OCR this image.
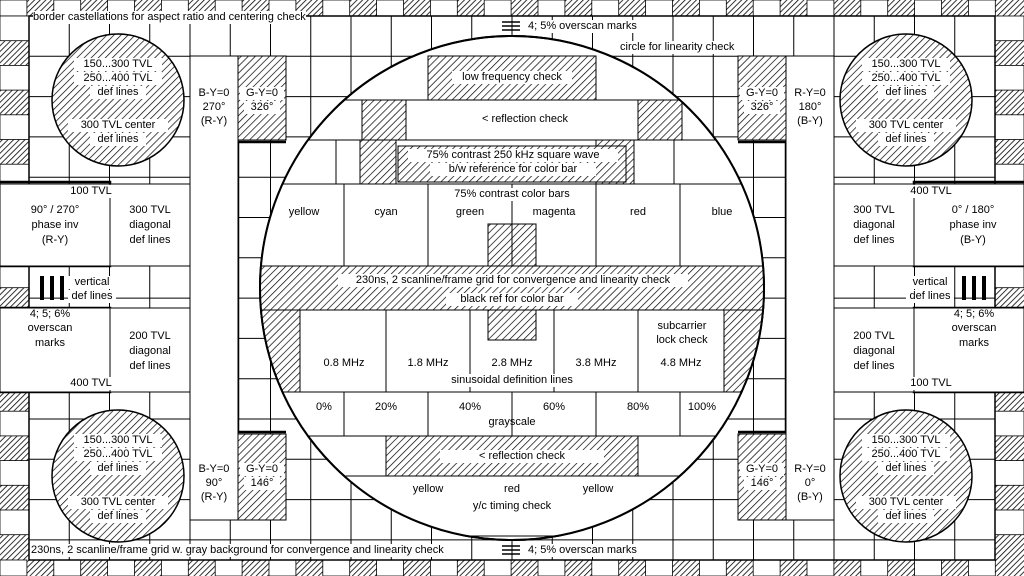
border castellations for aspect ratio and centering check
4; 5% overscan marks
circle for linearity check
low frequency check
< reflection check
75% contrast 250 kHz square wave
b/w reference for color bar
75% contrast color bars
yellow	cyan	green	magenta	red	blue
230ns, 2 scanline/frame grid for convergence and linearity check
black ref for color bar
subcarrier
lock check
0.8 MHz	1.8 MHz	2.8 MHz	3.8 MHz	4.8 MHz
sinusoidal definition lines
0%	20%	40%	60%	80%	100%
grayscale
< reflection check
yellow	red	yellow
y/c timing check
230ns, 2 scanline/frame grid w. gray background for convergence and linearity check	4; 5% overscan marks
150...300 TVL
250...400 TVL
def lines
300 TVL center
def lines
150...300 TVL
250...400 TVL
def lines
300 TVL center
def lines
150...300 TVL
250...400 TVL
def lines
300 TVL center
def lines
150...300 TVL
250...400 TVL
def lines
300 TVL center
def lines
B-Y=0
270°
(R-Y)
G-Y=0
326°
100 TVL
90° / 270°
phase inv
(R-Y)
300 TVL
diagonal
def lines
vertical
def lines
4; 5; 6%
overscan
marks
200 TVL
diagonal
def lines
400 TVL
B-Y=0
90°
(R-Y)
G-Y=0
146°
G-Y=0
326°
R-Y=0
180°
(B-Y)
400 TVL
300 TVL
diagonal
def lines
0° / 180°
phase inv
(B-Y)
vertical
def lines
4; 5; 6%
overscan
marks
200 TVL
diagonal
def lines
100 TVL
G-Y=0
146°
R-Y=0
0°
(B-Y)
